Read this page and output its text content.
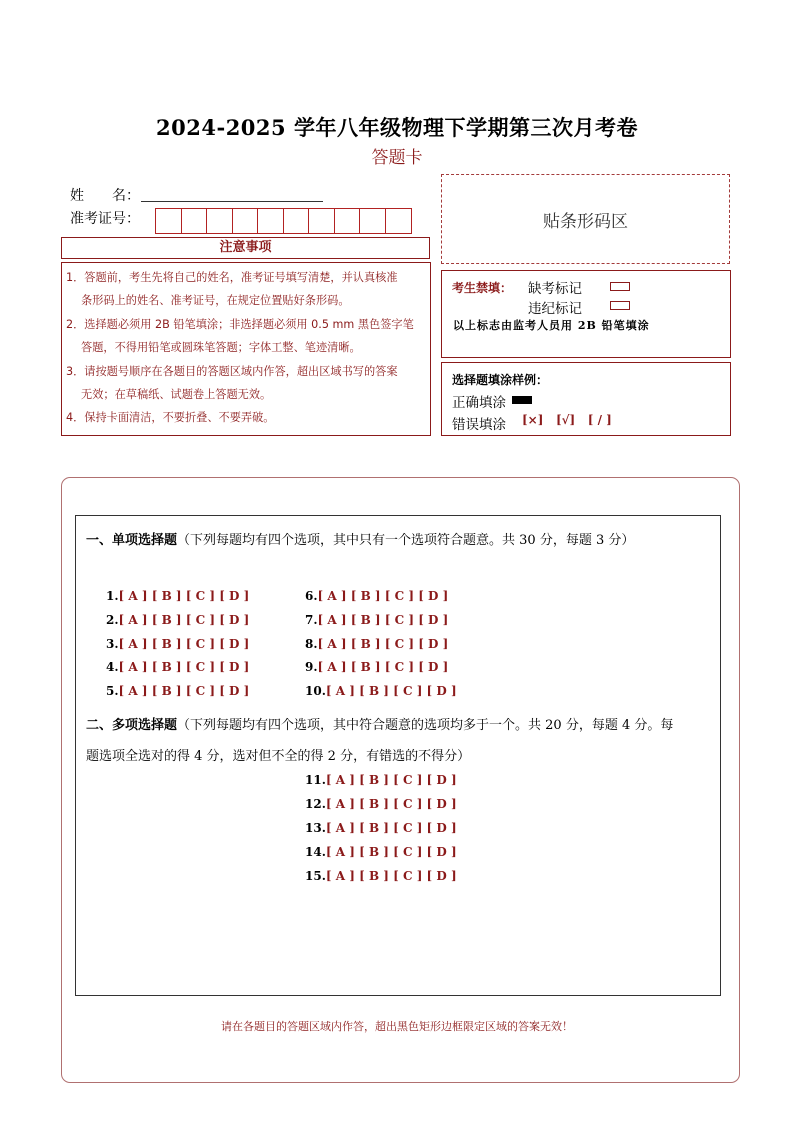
2024-2025 学年八年级物理下学期第三次月考卷
答题卡
姓　　名：
准考证号：	贴条形码区
注意事项
1．答题前，考生先将自己的姓名，准考证号填写清楚，并认真核准
条形码上的姓名、准考证号，在规定位置贴好条形码。
2．选择题必须用 2B 铅笔填涂；非选择题必须用 0.5 mm 黑色签字笔
答题，不得用铅笔或圆珠笔答题；字体工整、笔迹清晰。
3．请按题号顺序在各题目的答题区域内作答，超出区域书写的答案
无效；在草稿纸、试题卷上答题无效。
4．保持卡面清洁，不要折叠、不要弄破。
考生禁填： 缺考标记
违纪标记
以上标志由监考人员用 2B 铅笔填涂
选择题填涂样例：
正确填涂
错误填涂 [×] [√] [ / ]
一、单项选择题（下列每题均有四个选项，其中只有一个选项符合题意。共 30 分，每题 3 分）
1.[ A ] [ B ] [ C ] [ D ]
2.[ A ] [ B ] [ C ] [ D ]
3.[ A ] [ B ] [ C ] [ D ]
4.[ A ] [ B ] [ C ] [ D ]
5.[ A ] [ B ] [ C ] [ D ]
6.[ A ] [ B ] [ C ] [ D ]
7.[ A ] [ B ] [ C ] [ D ]
8.[ A ] [ B ] [ C ] [ D ]
9.[ A ] [ B ] [ C ] [ D ]
10.[ A ] [ B ] [ C ] [ D ]
二、多项选择题（下列每题均有四个选项，其中符合题意的选项均多于一个。共 20 分，每题 4 分。每
题选项全选对的得 4 分，选对但不全的得 2 分，有错选的不得分）
11.[ A ] [ B ] [ C ] [ D ]
12.[ A ] [ B ] [ C ] [ D ]
13.[ A ] [ B ] [ C ] [ D ]
14.[ A ] [ B ] [ C ] [ D ]
15.[ A ] [ B ] [ C ] [ D ]
请在各题目的答题区域内作答，超出黑色矩形边框限定区域的答案无效！
